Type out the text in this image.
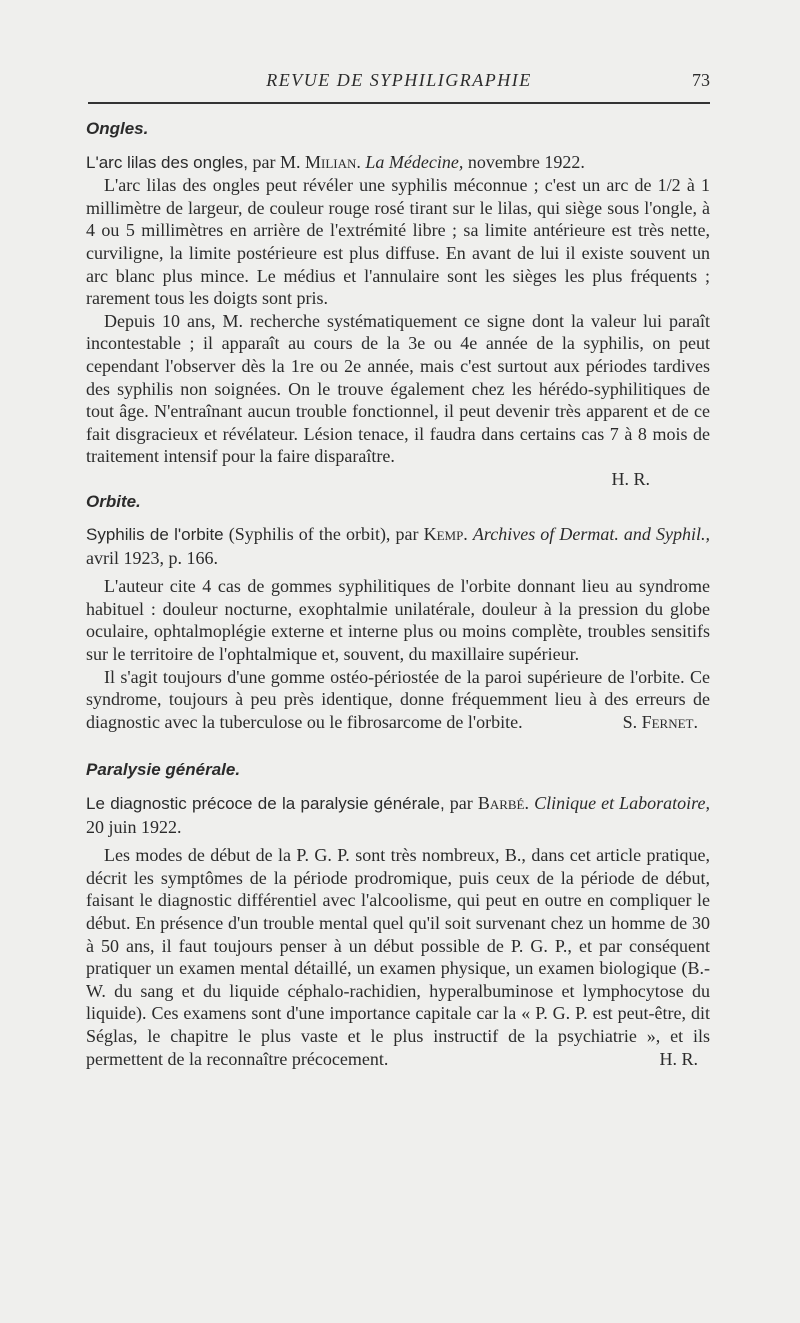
REVUE DE SYPHILIGRAPHIE	73
Ongles.
L'arc lilas des ongles, par M. Milian. La Médecine, novembre 1922.

L'arc lilas des ongles peut révéler une syphilis méconnue ; c'est un arc de 1/2 à 1 millimètre de largeur, de couleur rouge rosé tirant sur le lilas, qui siège sous l'ongle, à 4 ou 5 millimètres en arrière de l'extrémité libre ; sa limite antérieure est très nette, curviligne, la limite postérieure est plus diffuse. En avant de lui il existe souvent un arc blanc plus mince. Le médius et l'annulaire sont les sièges les plus fréquents ; rarement tous les doigts sont pris.

Depuis 10 ans, M. recherche systématiquement ce signe dont la valeur lui paraît incontestable ; il apparaît au cours de la 3e ou 4e année de la syphilis, on peut cependant l'observer dès la 1re ou 2e année, mais c'est surtout aux périodes tardives des syphilis non soignées. On le trouve également chez les hérédo-syphilitiques de tout âge. N'entraînant aucun trouble fonctionnel, il peut devenir très apparent et de ce fait disgracieux et révélateur. Lésion tenace, il faudra dans certains cas 7 à 8 mois de traitement intensif pour la faire disparaître.

H. R.
Orbite.
Syphilis de l'orbite (Syphilis of the orbit), par Kemp. Archives of Dermat. and Syphil., avril 1923, p. 166.

L'auteur cite 4 cas de gommes syphilitiques de l'orbite donnant lieu au syndrome habituel : douleur nocturne, exophtalmie unilatérale, douleur à la pression du globe oculaire, ophtalmoplégie externe et interne plus ou moins complète, troubles sensitifs sur le territoire de l'ophtalmique et, souvent, du maxillaire supérieur.

Il s'agit toujours d'une gomme ostéo-périostée de la paroi supérieure de l'orbite. Ce syndrome, toujours à peu près identique, donne fréquemment lieu à des erreurs de diagnostic avec la tuberculose ou le fibrosarcome de l'orbite.	S. Fernet.

Paralysie générale.
Le diagnostic précoce de la paralysie générale, par Barbé. Clinique et Laboratoire, 20 juin 1922.

Les modes de début de la P. G. P. sont très nombreux, B., dans cet article pratique, décrit les symptômes de la période prodromique, puis ceux de la période de début, faisant le diagnostic différentiel avec l'alcoolisme, qui peut en outre en compliquer le début. En présence d'un trouble mental quel qu'il soit survenant chez un homme de 30 à 50 ans, il faut toujours penser à un début possible de P. G. P., et par conséquent pratiquer un examen mental détaillé, un examen physique, un examen biologique (B.-W. du sang et du liquide céphalo-rachidien, hyperalbuminose et lymphocytose du liquide). Ces examens sont d'une importance capitale car la « P. G. P. est peut-être, dit Séglas, le chapitre le plus vaste et le plus instructif de la psychiatrie », et ils permettent de la reconnaître précocement.	H. R.
